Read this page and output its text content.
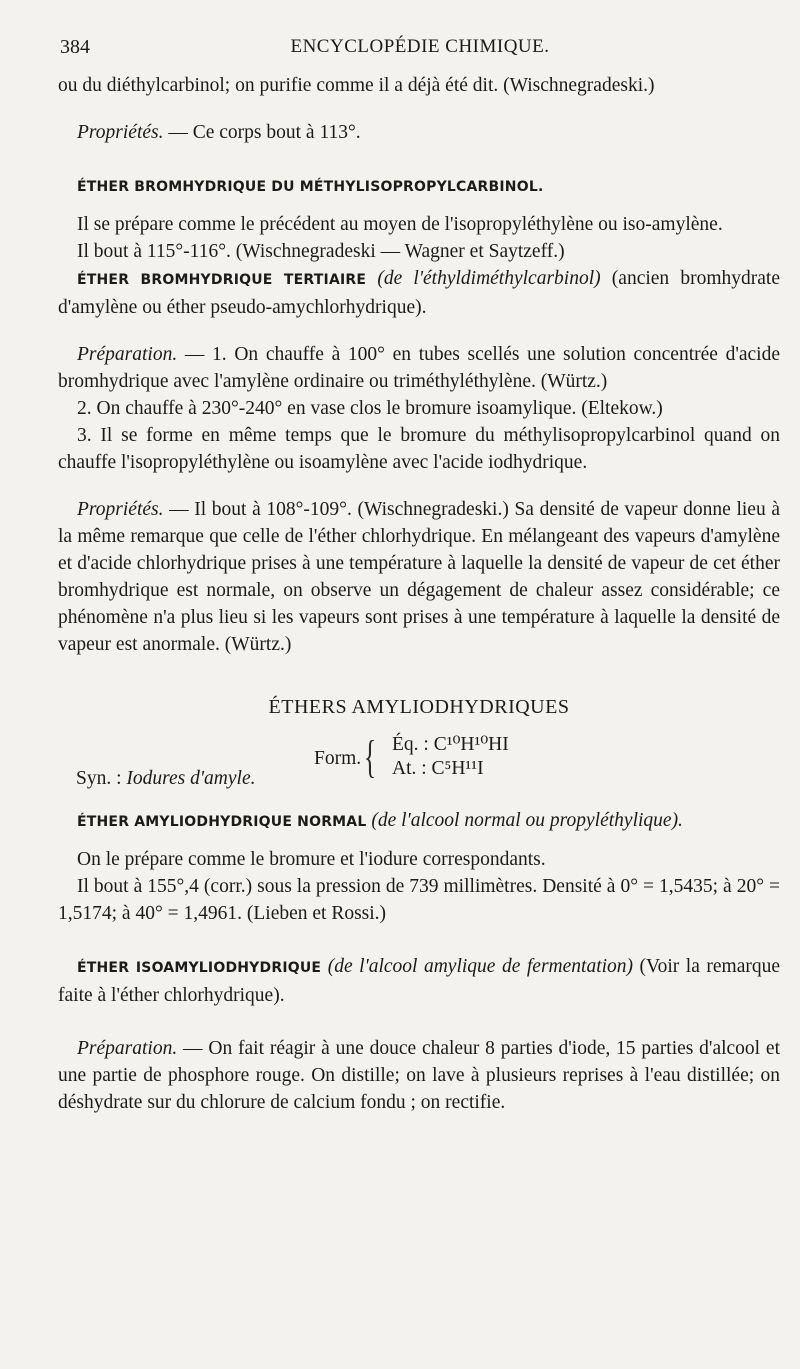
384	ENCYCLOPÉDIE CHIMIQUE.

ou du diéthylcarbinol; on purifie comme il a déjà été dit. (Wischnegradeski.)

Propriétés. — Ce corps bout à 113°.

ÉTHER BROMHYDRIQUE DU MÉTHYLISOPROPYLCARBINOL.

Il se prépare comme le précédent au moyen de l'isopropyléthylène ou iso-amylène.

Il bout à 115°-116°. (Wischnegradeski — Wagner et Saytzeff.)

ÉTHER BROMHYDRIQUE TERTIAIRE (de l'éthyldiméthylcarbinol) (ancien bromhydrate d'amylène ou éther pseudo-amychlorhydrique).

Préparation. — 1. On chauffe à 100° en tubes scellés une solution concentrée d'acide bromhydrique avec l'amylène ordinaire ou triméthyléthylène. (Würtz.)

2. On chauffe à 230°-240° en vase clos le bromure isoamylique. (Eltekow.)

3. Il se forme en même temps que le bromure du méthylisopropylcarbinol quand on chauffe l'isopropyléthylène ou isoamylène avec l'acide iodhydrique.

Propriétés. — Il bout à 108°-109°. (Wischnegradeski.) Sa densité de vapeur donne lieu à la même remarque que celle de l'éther chlorhydrique. En mélangeant des vapeurs d'amylène et d'acide chlorhydrique prises à une température à laquelle la densité de vapeur de cet éther bromhydrique est normale, on observe un dégagement de chaleur assez considérable; ce phénomène n'a plus lieu si les vapeurs sont prises à une température à laquelle la densité de vapeur est anormale. (Würtz.)

ÉTHERS AMYLIODHYDRIQUES

Form. { Éq. : C¹⁰H¹⁰HI
At. : C⁵H¹¹I
Syn. : Iodures d'amyle.

ÉTHER AMYLIODHYDRIQUE NORMAL (de l'alcool normal ou propyléthylique).

On le prépare comme le bromure et l'iodure correspondants.

Il bout à 155°,4 (corr.) sous la pression de 739 millimètres. Densité à 0° = 1,5435; à 20° = 1,5174; à 40° = 1,4961. (Lieben et Rossi.)

ÉTHER ISOAMYLIODHYDRIQUE (de l'alcool amylique de fermentation) (Voir la remarque faite à l'éther chlorhydrique).

Préparation. — On fait réagir à une douce chaleur 8 parties d'iode, 15 parties d'alcool et une partie de phosphore rouge. On distille; on lave à plusieurs reprises à l'eau distillée; on déshydrate sur du chlorure de calcium fondu ; on rectifie.
